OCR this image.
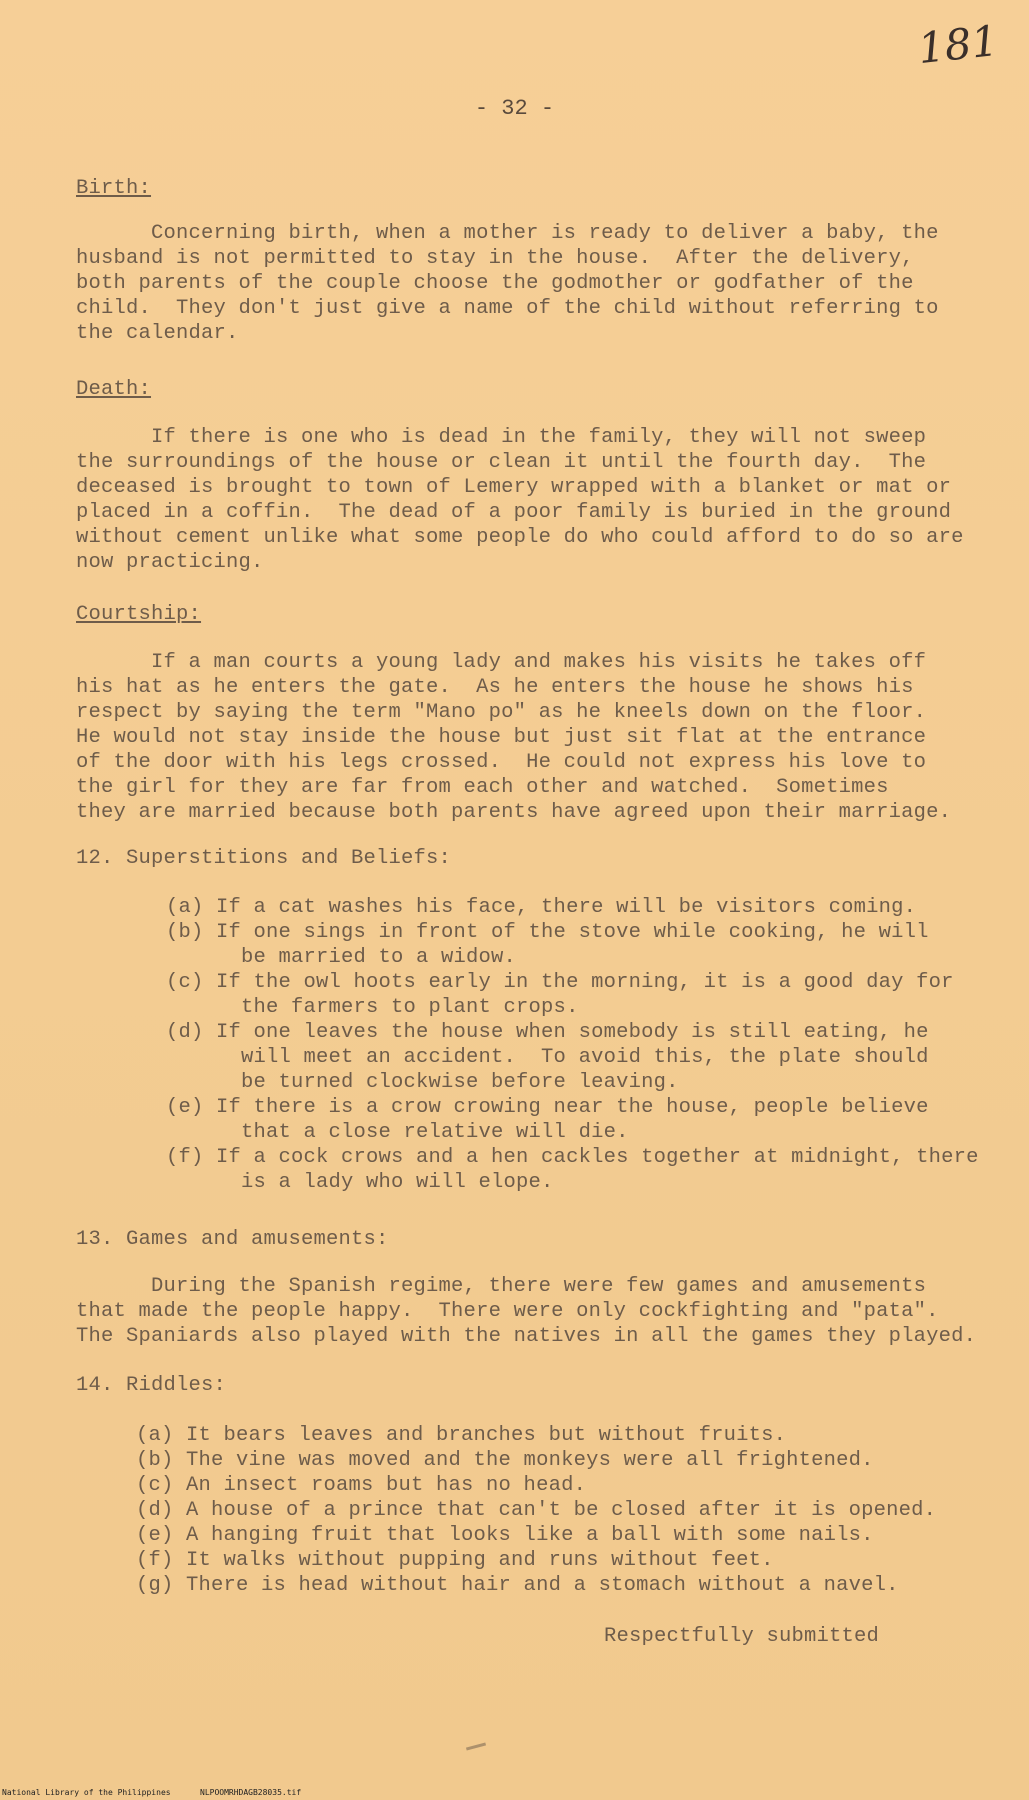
181
- 32 -
Birth:
Concerning birth, when a mother is ready to deliver a baby, the
husband is not permitted to stay in the house.  After the delivery,
both parents of the couple choose the godmother or godfather of the
child.  They don't just give a name of the child without referring to
the calendar.
Death:
If there is one who is dead in the family, they will not sweep
the surroundings of the house or clean it until the fourth day.  The
deceased is brought to town of Lemery wrapped with a blanket or mat or
placed in a coffin.  The dead of a poor family is buried in the ground
without cement unlike what some people do who could afford to do so are
now practicing.
Courtship:
If a man courts a young lady and makes his visits he takes off
his hat as he enters the gate.  As he enters the house he shows his
respect by saying the term "Mano po" as he kneels down on the floor.
He would not stay inside the house but just sit flat at the entrance
of the door with his legs crossed.  He could not express his love to
the girl for they are far from each other and watched.  Sometimes
they are married because both parents have agreed upon their marriage.
12. Superstitions and Beliefs:
(a) If a cat washes his face, there will be visitors coming.
(b) If one sings in front of the stove while cooking, he will
be married to a widow.
(c) If the owl hoots early in the morning, it is a good day for
the farmers to plant crops.
(d) If one leaves the house when somebody is still eating, he
will meet an accident.  To avoid this, the plate should
be turned clockwise before leaving.
(e) If there is a crow crowing near the house, people believe
that a close relative will die.
(f) If a cock crows and a hen cackles together at midnight, there
is a lady who will elope.
13. Games and amusements:
During the Spanish regime, there were few games and amusements
that made the people happy.  There were only cockfighting and "pata".
The Spaniards also played with the natives in all the games they played.
14. Riddles:
(a) It bears leaves and branches but without fruits.
(b) The vine was moved and the monkeys were all frightened.
(c) An insect roams but has no head.
(d) A house of a prince that can't be closed after it is opened.
(e) A hanging fruit that looks like a ball with some nails.
(f) It walks without pupping and runs without feet.
(g) There is head without hair and a stomach without a navel.
Respectfully submitted
National Library of the Philippines	NLPOOMRHDAGB28035.tif
